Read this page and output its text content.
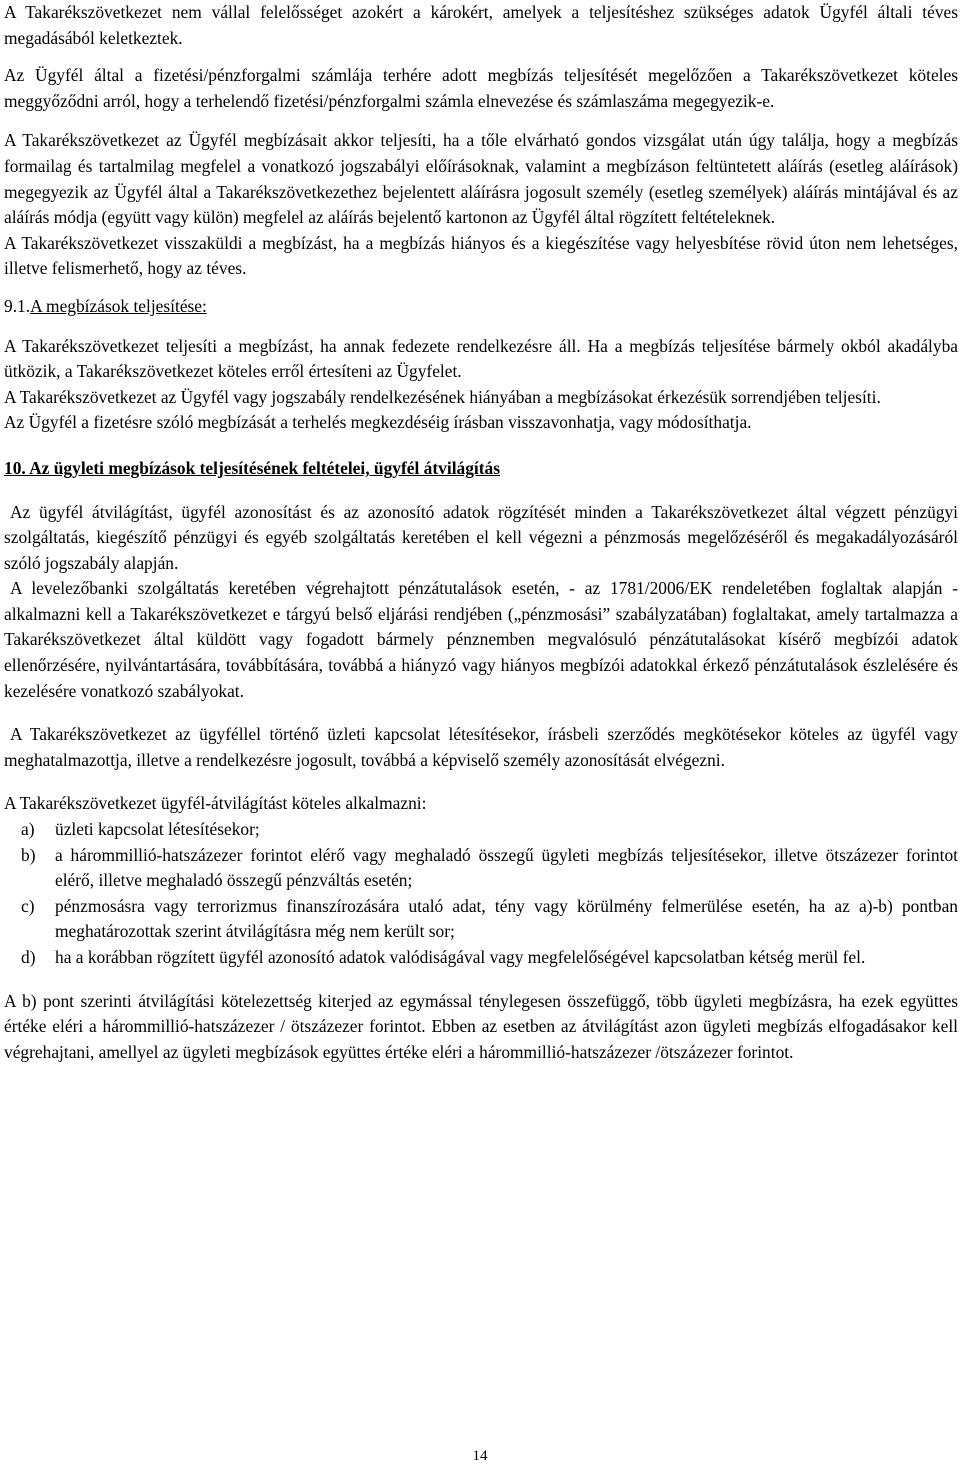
A Takarékszövetkezet nem vállal felelősséget azokért a károkért, amelyek a teljesítéshez szükséges adatok Ügyfél általi téves megadásából keletkeztek.

Az Ügyfél által a fizetési/pénzforgalmi számlája terhére adott megbízás teljesítését megelőzően a Takarékszövetkezet köteles meggyőződni arról, hogy a terhelendő fizetési/pénzforgalmi számla elnevezése és számlaszáma megegyezik-e.

A Takarékszövetkezet az Ügyfél megbízásait akkor teljesíti, ha a tőle elvárható gondos vizsgálat után úgy találja, hogy a megbízás formailag és tartalmilag megfelel a vonatkozó jogszabályi előírásoknak, valamint a megbízáson feltüntetett aláírás (esetleg aláírások) megegyezik az Ügyfél által a Takarékszövetkezethez bejelentett aláírásra jogosult személy (esetleg személyek) aláírás mintájával és az aláírás módja (együtt vagy külön) megfelel az aláírás bejelentő kartonon az Ügyfél által rögzített feltételeknek.

A Takarékszövetkezet visszaküldi a megbízást, ha a megbízás hiányos és a kiegészítése vagy helyesbítése rövid úton nem lehetséges, illetve felismerhető, hogy az téves.

9.1.A megbízások teljesítése:

A Takarékszövetkezet teljesíti a megbízást, ha annak fedezete rendelkezésre áll. Ha a megbízás teljesítése bármely okból akadályba ütközik, a Takarékszövetkezet köteles erről értesíteni az Ügyfelet.

A Takarékszövetkezet az Ügyfél vagy jogszabály rendelkezésének hiányában a megbízásokat érkezésük sorrendjében teljesíti.

Az Ügyfél a fizetésre szóló megbízását a terhelés megkezdéséig írásban visszavonhatja, vagy módosíthatja.

10. Az ügyleti megbízások teljesítésének feltételei, ügyfél átvilágítás

Az ügyfél átvilágítást, ügyfél azonosítást és az azonosító adatok rögzítését minden a Takarékszövetkezet által végzett pénzügyi szolgáltatás, kiegészítő pénzügyi és egyéb szolgáltatás keretében el kell végezni a pénzmosás megelőzéséről és megakadályozásáról szóló jogszabály alapján.

A levelezőbanki szolgáltatás keretében végrehajtott pénzátutalások esetén, - az 1781/2006/EK rendeletében foglaltak alapján - alkalmazni kell a Takarékszövetkezet e tárgyú belső eljárási rendjében („pénzmosási” szabályzatában) foglaltakat, amely tartalmazza a Takarékszövetkezet által küldött vagy fogadott bármely pénznemben megvalósuló pénzátutalásokat kísérő megbízói adatok ellenőrzésére, nyilvántartására, továbbítására, továbbá a hiányzó vagy hiányos megbízói adatokkal érkező pénzátutalások észlelésére és kezelésére vonatkozó szabályokat.

A Takarékszövetkezet az ügyféllel történő üzleti kapcsolat létesítésekor, írásbeli szerződés megkötésekor köteles az ügyfél vagy meghatalmazottja, illetve a rendelkezésre jogosult, továbbá a képviselő személy azonosítását elvégezni.

A Takarékszövetkezet ügyfél-átvilágítást köteles alkalmazni:

a) üzleti kapcsolat létesítésekor;
b) a hárommillió-hatszázezer forintot elérő vagy meghaladó összegű ügyleti megbízás teljesítésekor, illetve ötszázezer forintot elérő, illetve meghaladó összegű pénzváltás esetén;
c) pénzmosásra vagy terrorizmus finanszírozására utaló adat, tény vagy körülmény felmerülése esetén, ha az a)-b) pontban meghatározottak szerint átvilágításra még nem került sor;
d) ha a korábban rögzített ügyfél azonosító adatok valódiságával vagy megfelelőségével kapcsolatban kétség merül fel.

A b) pont szerinti átvilágítási kötelezettség kiterjed az egymással ténylegesen összefüggő, több ügyleti megbízásra, ha ezek együttes értéke eléri a hárommillió-hatszázezer / ötszázezer forintot. Ebben az esetben az átvilágítást azon ügyleti megbízás elfogadásakor kell végrehajtani, amellyel az ügyleti megbízások együttes értéke eléri a hárommillió-hatszázezer /ötszázezer forintot.

14
